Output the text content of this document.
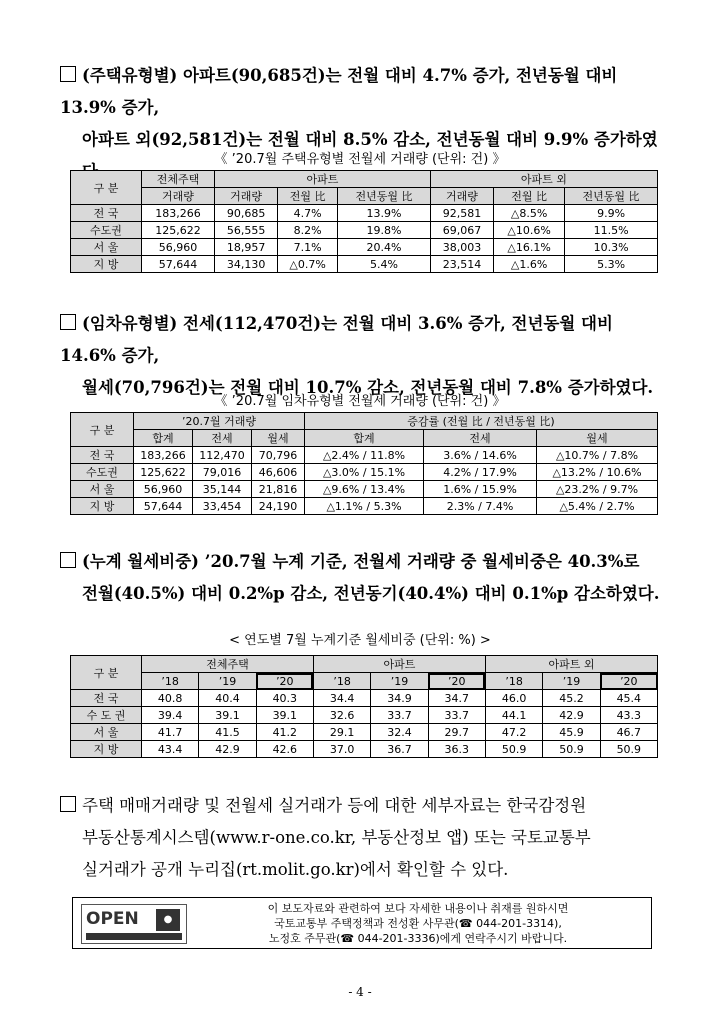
(주택유형별) 아파트(90,685건)는 전월 대비 4.7% 증가, 전년동월 대비 13.9% 증가,
아파트 외(92,581건)는 전월 대비 8.5% 감소, 전년동월 대비 9.9% 증가하였
《 ’20.7월 주택유형별 전월세 거래량 (단위: 건) 》
구 분	전체주택	아파트			아파트 외		
	거래량	거래량	전월 比	전년동월 比	거래량	전월 比	전년동월 比
전 국	183,266	90,685	4.7%	13.9%	92,581	△8.5%	9.9%
수도권	125,622	56,555	8.2%	19.8%	69,067	△10.6%	11.5%
서 울	56,960	18,957	7.1%	20.4%	38,003	△16.1%	10.3%
지 방	57,644	34,130	△0.7%	5.4%	23,514	△1.6%	5.3%
(임차유형별) 전세(112,470건)는 전월 대비 3.6% 증가, 전년동월 대비 14.6% 증가,
월세(70,796건)는 전월 대비 10.7% 감소, 전년동월 대비 7.8% 증가하였다.
《 ’20.7월 임차유형별 전월세 거래량 (단위: 건) 》
구 분	’20.7월 거래량			증감률 (전월 比 / 전년동월 比)		
	합계	전세	월세	합계	전세	월세
전 국	183,266	112,470	70,796	△2.4% / 11.8%	3.6% / 14.6%	△10.7% / 7.8%
수도권	125,622	79,016	46,606	△3.0% / 15.1%	4.2% / 17.9%	△13.2% / 10.6%
서 울	56,960	35,144	21,816	△9.6% / 13.4%	1.6% / 15.9%	△23.2% / 9.7%
지 방	57,644	33,454	24,190	△1.1% / 5.3%	2.3% / 7.4%	△5.4% / 2.7%
(누계 월세비중) ’20.7월 누계 기준, 전월세 거래량 중 월세비중은 40.3%로
전월(40.5%) 대비 0.2%p 감소, 전년동기(40.4%) 대비 0.1%p 감소하였다.
< 연도별 7월 누계기준 월세비중 (단위: %) >
구 분	전체주택			아파트			아파트 외		
	’18	’19	’20	’18	’19	’20	’18	’19	’20
전 국	40.8	40.4	40.3	34.4	34.9	34.7	46.0	45.2	45.4
수 도 권	39.4	39.1	39.1	32.6	33.7	33.7	44.1	42.9	43.3
서 울	41.7	41.5	41.2	29.1	32.4	29.7	47.2	45.9	46.7
지 방	43.4	42.9	42.6	37.0	36.7	36.3	50.9	50.9	50.9
주택 매매거래량 및 전월세 실거래가 등에 대한 세부자료는 한국감정원
부동산통계시스템(www.r-one.co.kr, 부동산정보 앱) 또는 국토교통부
실거래가 공개 누리집(rt.molit.go.kr)에서 확인할 수 있다.
OPEN	●
이 보도자료와 관련하여 보다 자세한 내용이나 취재를 원하시면
국토교통부 주택정책과 전성환 사무관(☎ 044-201-3314),
노정호 주무관(☎ 044-201-3336)에게 연락주시기 바랍니다.
- 4 -
